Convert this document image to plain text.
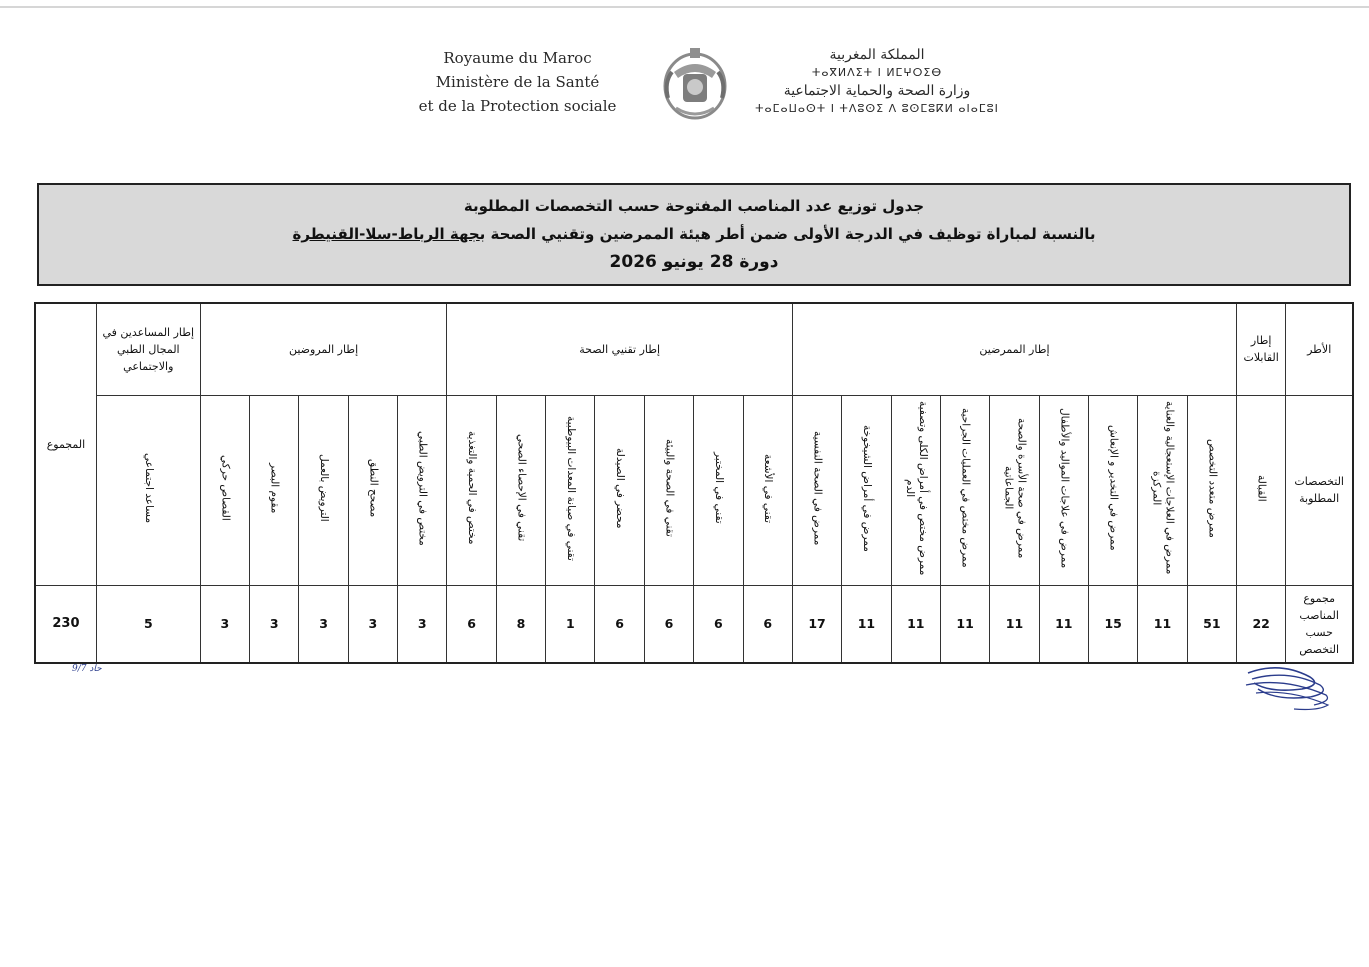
Royaume du Maroc
Ministère de la Santé
et de la Protection sociale
المملكة المغربية
ⵜⴰⴳⵍⴷⵉⵜ ⵏ ⵍⵎⵖⵔⵉⴱ
وزارة الصحة والحماية الاجتماعية
ⵜⴰⵎⴰⵡⴰⵙⵜ ⵏ ⵜⴷⵓⵙⵉ ⴷ ⵓⵙⵎⵓⴽⵍ ⴰⵏⴰⵎⵓⵏ
جدول توزيع عدد المناصب المفتوحة حسب التخصصات المطلوبة
بالنسبة لمباراة توظيف في الدرجة الأولى ضمن أطر هيئة الممرضين وتقنيي الصحة بجهة الرباط-سلا-القنيطرة
دورة 28 يونيو 2026
الأطر	إطار القابلات	إطار الممرضين									إطار تقنيي الصحة							إطار المروضين					إطار المساعدين في المجال الطبي والاجتماعي	المجموع
التخصصات المطلوبة	القبالة	ممرض متعدد التخصص	ممرض في العلاجات الإستعجالية والعناية المركزة	ممرض في التخدير و الإنعاش	ممرض في علاجات المواليد والأطفال	ممرض في صحة الأسرة والصحة الجماعاتية	ممرض مختص في العمليات الجراحية	ممرض مختص في أمراض الكلى وتصفية الدم	ممرض في أمراض الشيخوخة	ممرض في الصحة النفسية	تقني في الأشعة	تقني في المختبر	تقني في الصحة والبيئة	محضر في الصيدلة	تقني في صيانة المعدات البيوطبية	تقني في الإحصاء الصحي	مختص في الحمية والتغذية	مختص في الترويض الطبي	مصحح النطق	الترويض بالعمل	مقوم البصر	القصاص حركي	مساعد اجتماعي	
مجموع المناصب حسب التخصص	22	51	11	15	11	11	11	11	11	17	6	6	6	6	1	8	6	3	3	3	3	3	5	230
9/7 حاد
